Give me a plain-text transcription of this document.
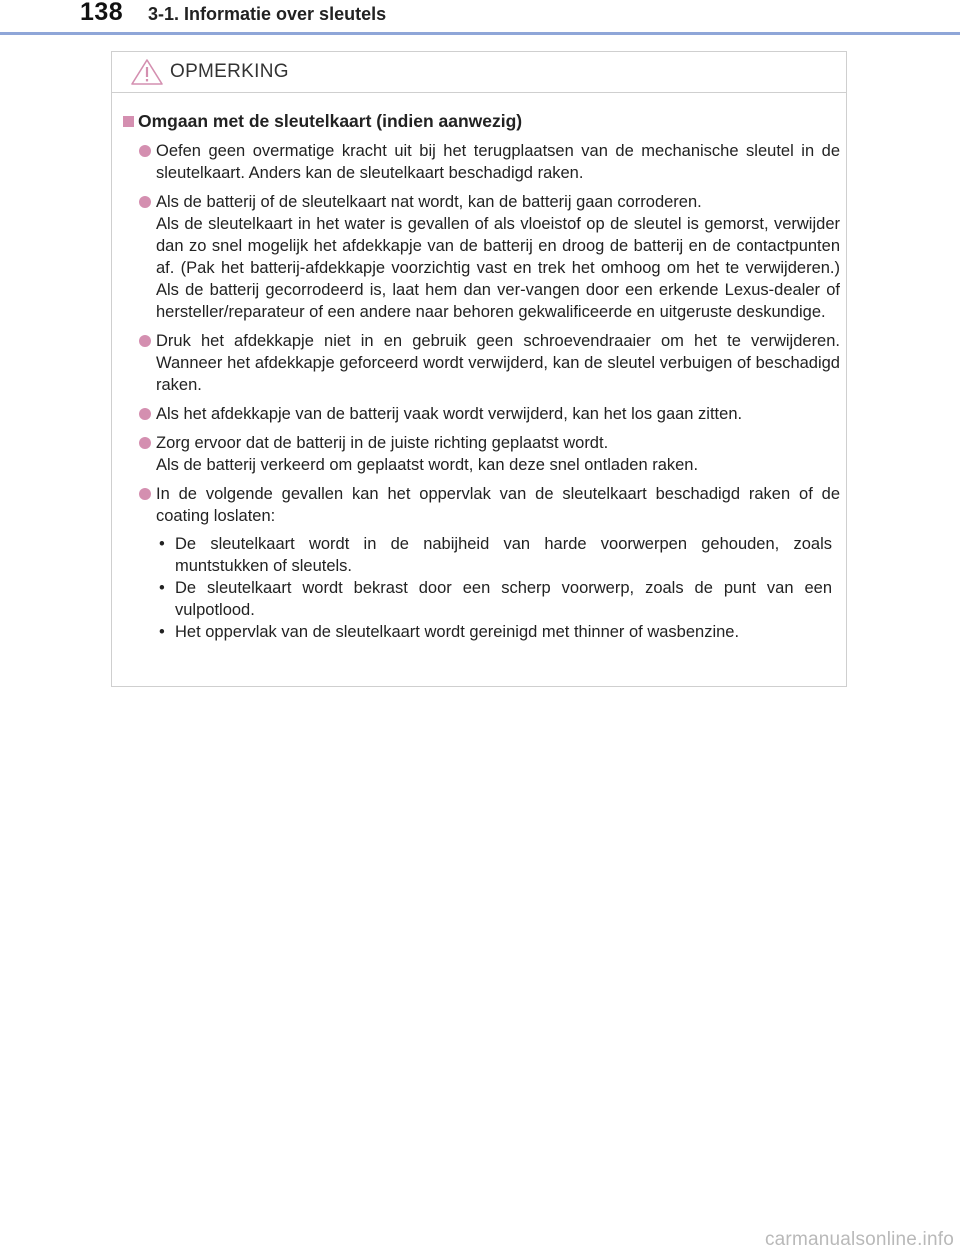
138 3-1. Informatie over sleutels
OPMERKING
Omgaan met de sleutelkaart (indien aanwezig)

Oefen geen overmatige kracht uit bij het terugplaatsen van de mechanische sleutel in de sleutelkaart. Anders kan de sleutelkaart beschadigd raken.

Als de batterij of de sleutelkaart nat wordt, kan de batterij gaan corroderen.

Als de sleutelkaart in het water is gevallen of als vloeistof op de sleutel is gemorst, verwijder dan zo snel mogelijk het afdekkapje van de batterij en droog de batterij en de contactpunten af. (Pak het batterij-afdekkapje voorzichtig vast en trek het omhoog om het te verwijderen.) Als de batterij gecorrodeerd is, laat hem dan ver-vangen door een erkende Lexus-dealer of hersteller/reparateur of een andere naar behoren gekwalificeerde en uitgeruste deskundige.

Druk het afdekkapje niet in en gebruik geen schroevendraaier om het te verwijderen. Wanneer het afdekkapje geforceerd wordt verwijderd, kan de sleutel verbuigen of beschadigd raken.

Als het afdekkapje van de batterij vaak wordt verwijderd, kan het los gaan zitten.

Zorg ervoor dat de batterij in de juiste richting geplaatst wordt.

Als de batterij verkeerd om geplaatst wordt, kan deze snel ontladen raken.

In de volgende gevallen kan het oppervlak van de sleutelkaart beschadigd raken of de coating loslaten:

• De sleutelkaart wordt in de nabijheid van harde voorwerpen gehouden, zoals muntstukken of sleutels.
• De sleutelkaart wordt bekrast door een scherp voorwerp, zoals de punt van een vulpotlood.
• Het oppervlak van de sleutelkaart wordt gereinigd met thinner of wasbenzine.
carmanualsonline.info
